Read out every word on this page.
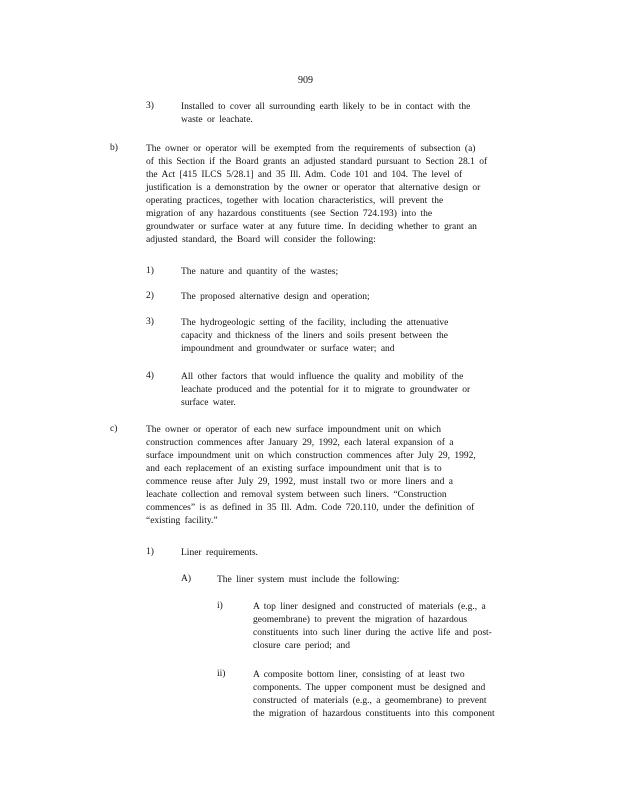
909
3)	Installed to cover all surrounding earth likely to be in contact with the
waste or leachate.
b)	The owner or operator will be exempted from the requirements of subsection (a)
of this Section if the Board grants an adjusted standard pursuant to Section 28.1 of
the Act [415 ILCS 5/28.1] and 35 Ill. Adm. Code 101 and 104. The level of
justification is a demonstration by the owner or operator that alternative design or
operating practices, together with location characteristics, will prevent the
migration of any hazardous constituents (see Section 724.193) into the
groundwater or surface water at any future time. In deciding whether to grant an
adjusted standard, the Board will consider the following:
1)	The nature and quantity of the wastes;
2)	The proposed alternative design and operation;
3)	The hydrogeologic setting of the facility, including the attenuative
capacity and thickness of the liners and soils present between the
impoundment and groundwater or surface water; and
4)	All other factors that would influence the quality and mobility of the
leachate produced and the potential for it to migrate to groundwater or
surface water.
c)	The owner or operator of each new surface impoundment unit on which
construction commences after January 29, 1992, each lateral expansion of a
surface impoundment unit on which construction commences after July 29, 1992,
and each replacement of an existing surface impoundment unit that is to
commence reuse after July 29, 1992, must install two or more liners and a
leachate collection and removal system between such liners. “Construction
commences” is as defined in 35 Ill. Adm. Code 720.110, under the definition of
“existing facility.”
1)	Liner requirements.
A)	The liner system must include the following:
i)	A top liner designed and constructed of materials (e.g., a
geomembrane) to prevent the migration of hazardous
constituents into such liner during the active life and post-
closure care period; and
ii)	A composite bottom liner, consisting of at least two
components. The upper component must be designed and
constructed of materials (e.g., a geomembrane) to prevent
the migration of hazardous constituents into this component
